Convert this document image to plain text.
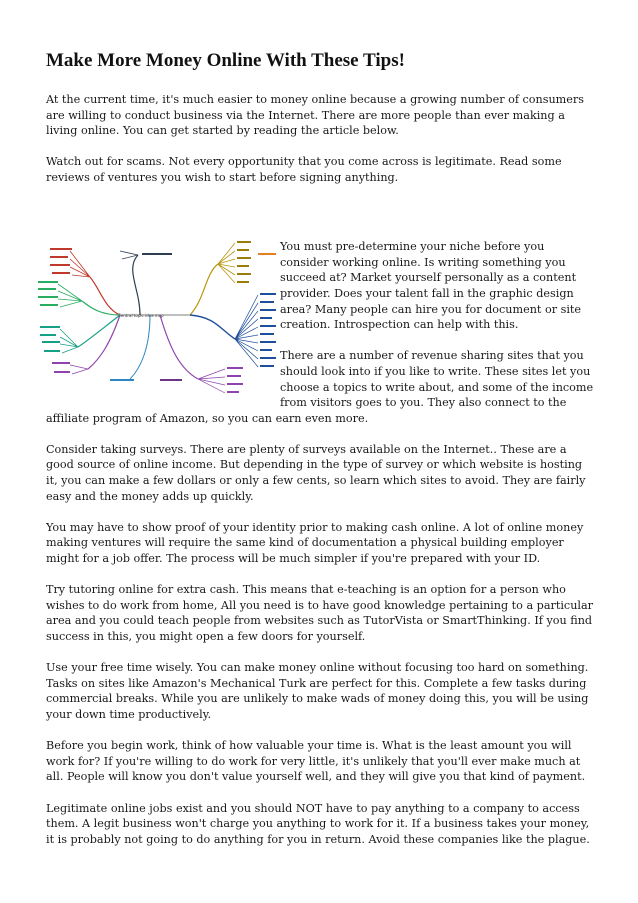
Make More Money Online With These Tips!

At the current time, it's much easier to money online because a growing number of consumers are willing to conduct business via the Internet. There are more people than ever making a living online. You can get started by reading the article below.

Watch out for scams. Not every opportunity that you come across is legitimate. Read some reviews of ventures you wish to start before signing anything.

Central topic idea map

You must pre-determine your niche before you consider working online. Is writing something you succeed at? Market yourself personally as a content provider. Does your talent fall in the graphic design area? Many people can hire you for document or site creation. Introspection can help with this.

There are a number of revenue sharing sites that you should look into if you like to write. These sites let you choose a topics to write about, and some of the income from visitors goes to you. They also connect to the affiliate program of Amazon, so you can earn even more.

Consider taking surveys. There are plenty of surveys available on the Internet.. These are a good source of online income. But depending in the type of survey or which website is hosting it, you can make a few dollars or only a few cents, so learn which sites to avoid. They are fairly easy and the money adds up quickly.

You may have to show proof of your identity prior to making cash online. A lot of online money making ventures will require the same kind of documentation a physical building employer might for a job offer. The process will be much simpler if you're prepared with your ID.

Try tutoring online for extra cash. This means that e-teaching is an option for a person who wishes to do work from home, All you need is to have good knowledge pertaining to a particular area and you could teach people from websites such as TutorVista or SmartThinking. If you find success in this, you might open a few doors for yourself.

Use your free time wisely. You can make money online without focusing too hard on something. Tasks on sites like Amazon's Mechanical Turk are perfect for this. Complete a few tasks during commercial breaks. While you are unlikely to make wads of money doing this, you will be using your down time productively.

Before you begin work, think of how valuable your time is. What is the least amount you will work for? If you're willing to do work for very little, it's unlikely that you'll ever make much at all. People will know you don't value yourself well, and they will give you that kind of payment.

Legitimate online jobs exist and you should NOT have to pay anything to a company to access them. A legit business won't charge you anything to work for it. If a business takes your money, it is probably not going to do anything for you in return. Avoid these companies like the plague.
